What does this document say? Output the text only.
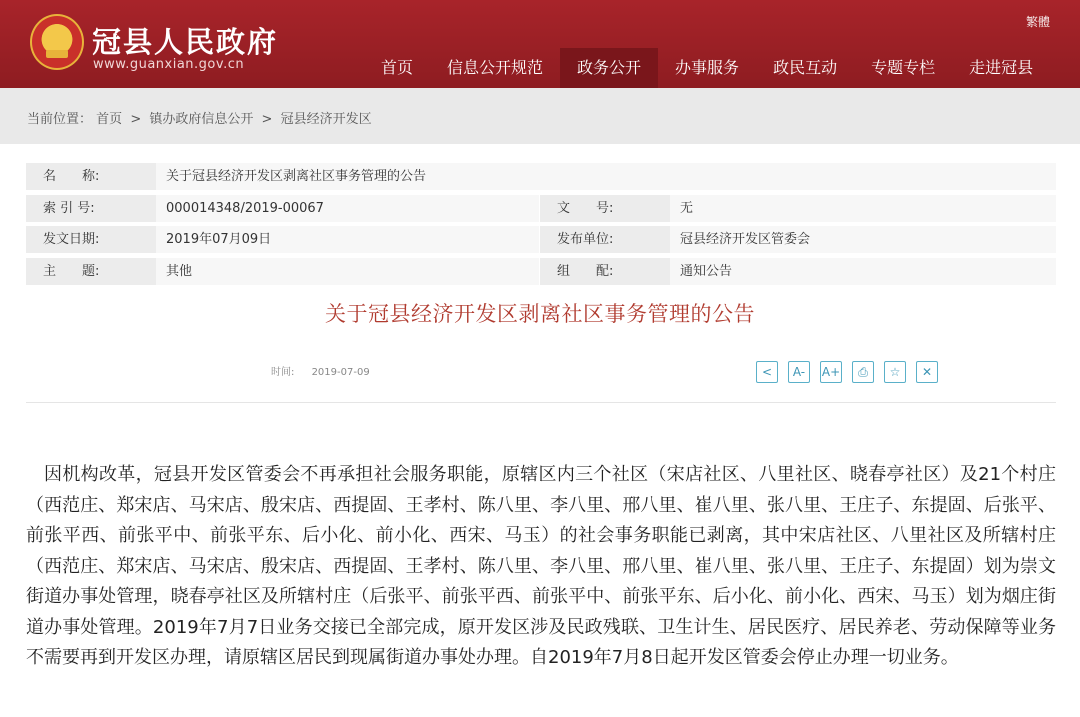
冠县人民政府
www.guanxian.gov.cn
繁體
首页	信息公开规范	政务公开	办事服务	政民互动	专题专栏	走进冠县
当前位置： 首页 > 镇办政府信息公开 > 冠县经济开发区
名　　称:	关于冠县经济开发区剥离社区事务管理的公告
索 引 号:	000014348/2019-00067	文　　号:	无
发文日期:	2019年07月09日	发布单位:	冠县经济开发区管委会
主　　题:	其他	组　　配:	通知公告
关于冠县经济开发区剥离社区事务管理的公告
时间: 2019-07-09	<	A-	A+	⎙	☆	✕
因机构改革，冠县开发区管委会不再承担社会服务职能，原辖区内三个社区（宋店社区、八里社区、晓春亭社区）及21个村庄（西范庄、郑宋店、马宋店、殷宋店、西提固、王孝村、陈八里、李八里、邢八里、崔八里、张八里、王庄子、东提固、后张平、前张平西、前张平中、前张平东、后小化、前小化、西宋、马玉）的社会事务职能已剥离，其中宋店社区、八里社区及所辖村庄（西范庄、郑宋店、马宋店、殷宋店、西提固、王孝村、陈八里、李八里、邢八里、崔八里、张八里、王庄子、东提固）划为崇文街道办事处管理，晓春亭社区及所辖村庄（后张平、前张平西、前张平中、前张平东、后小化、前小化、西宋、马玉）划为烟庄街道办事处管理。2019年7月7日业务交接已全部完成，原开发区涉及民政残联、卫生计生、居民医疗、居民养老、劳动保障等业务不需要再到开发区办理，请原辖区居民到现属街道办事处办理。自2019年7月8日起开发区管委会停止办理一切业务。
